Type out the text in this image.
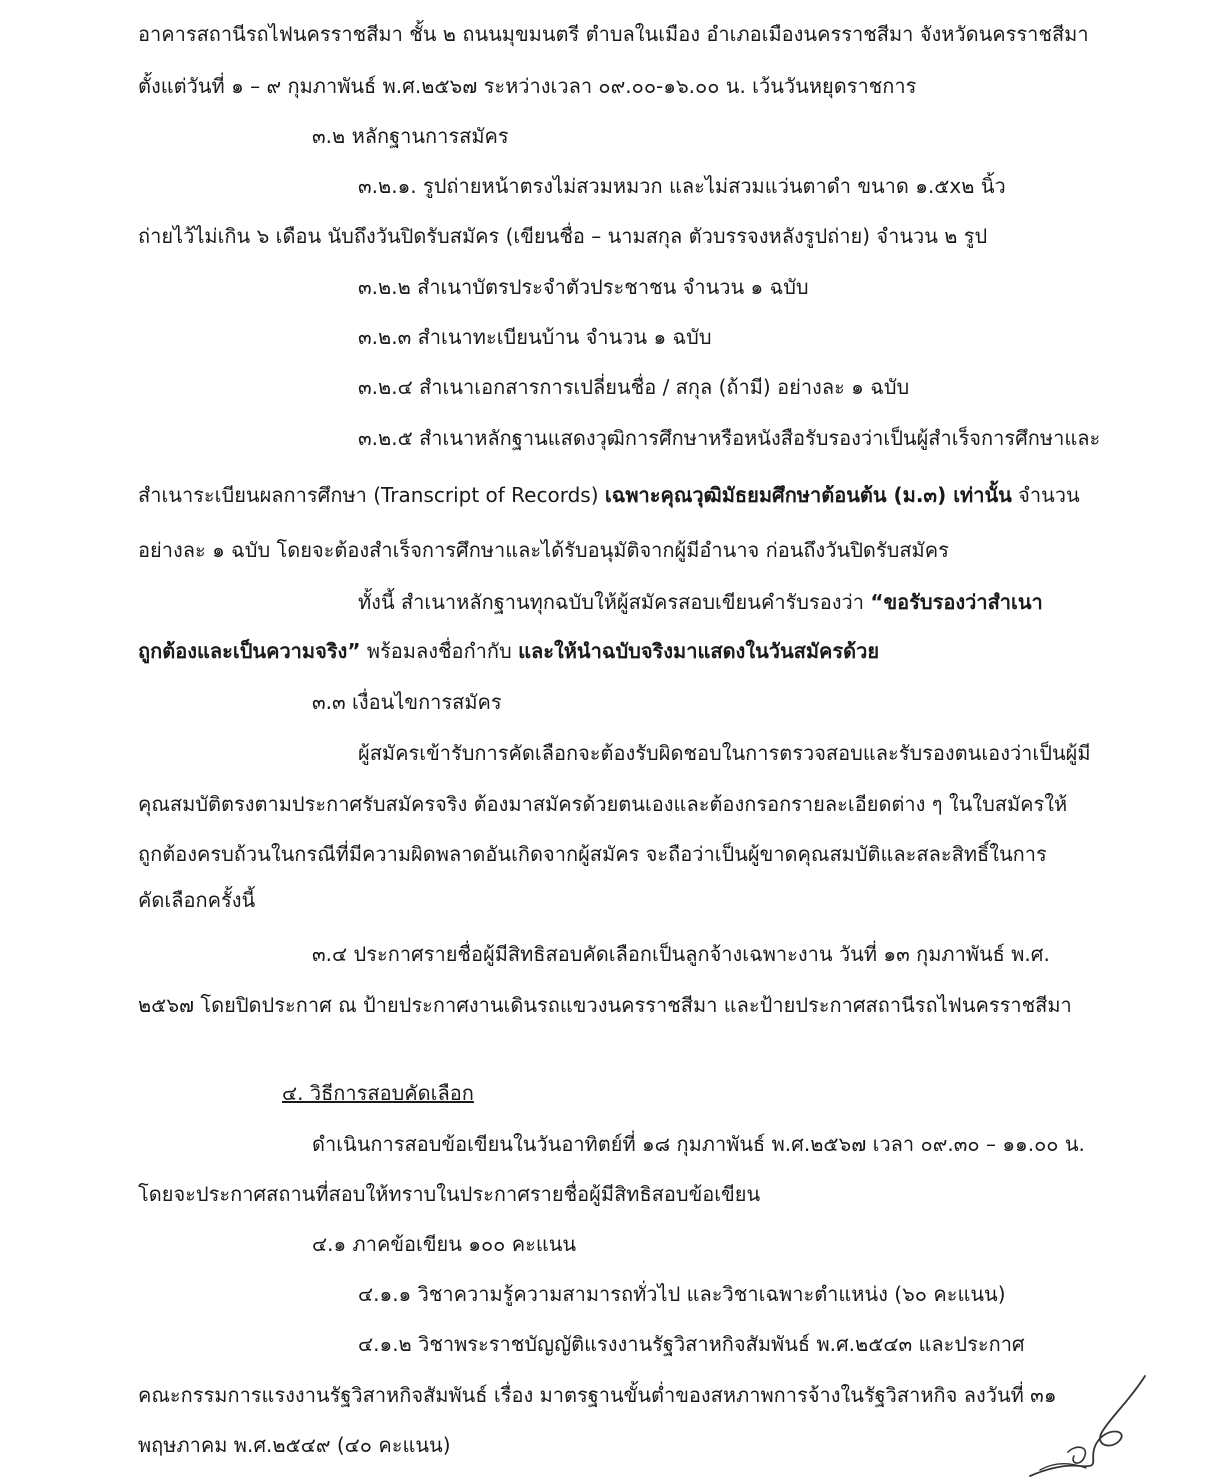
อาคารสถานีรถไฟนครราชสีมา ชั้น ๒ ถนนมุขมนตรี ตำบลในเมือง อำเภอเมืองนครราชสีมา จังหวัดนครราชสีมา
ตั้งแต่วันที่ ๑ – ๙ กุมภาพันธ์ พ.ศ.๒๕๖๗ ระหว่างเวลา ๐๙.๐๐-๑๖.๐๐ น. เว้นวันหยุดราชการ
๓.๒ หลักฐานการสมัคร
๓.๒.๑. รูปถ่ายหน้าตรงไม่สวมหมวก และไม่สวมแว่นตาดำ ขนาด ๑.๕x๒ นิ้ว
ถ่ายไว้ไม่เกิน ๖ เดือน นับถึงวันปิดรับสมัคร (เขียนชื่อ – นามสกุล ตัวบรรจงหลังรูปถ่าย) จำนวน ๒ รูป
๓.๒.๒ สำเนาบัตรประจำตัวประชาชน จำนวน ๑ ฉบับ
๓.๒.๓ สำเนาทะเบียนบ้าน จำนวน ๑ ฉบับ
๓.๒.๔ สำเนาเอกสารการเปลี่ยนชื่อ / สกุล (ถ้ามี) อย่างละ ๑ ฉบับ
๓.๒.๕ สำเนาหลักฐานแสดงวุฒิการศึกษาหรือหนังสือรับรองว่าเป็นผู้สำเร็จการศึกษาและ
สำเนาระเบียนผลการศึกษา (Transcript of Records) เฉพาะคุณวุฒิมัธยมศึกษาต้อนต้น (ม.๓) เท่านั้น จำนวน
อย่างละ ๑ ฉบับ โดยจะต้องสำเร็จการศึกษาและได้รับอนุมัติจากผู้มีอำนาจ ก่อนถึงวันปิดรับสมัคร
ทั้งนี้ สำเนาหลักฐานทุกฉบับให้ผู้สมัครสอบเขียนคำรับรองว่า “ขอรับรองว่าสำเนา
ถูกต้องและเป็นความจริง” พร้อมลงชื่อกำกับ และให้นำฉบับจริงมาแสดงในวันสมัครด้วย
๓.๓ เงื่อนไขการสมัคร
ผู้สมัครเข้ารับการคัดเลือกจะต้องรับผิดชอบในการตรวจสอบและรับรองตนเองว่าเป็นผู้มี
คุณสมบัติตรงตามประกาศรับสมัครจริง ต้องมาสมัครด้วยตนเองและต้องกรอกรายละเอียดต่าง ๆ ในใบสมัครให้
ถูกต้องครบถ้วนในกรณีที่มีความผิดพลาดอันเกิดจากผู้สมัคร จะถือว่าเป็นผู้ขาดคุณสมบัติและสละสิทธิ์ในการ
คัดเลือกครั้งนี้
๓.๔ ประกาศรายชื่อผู้มีสิทธิสอบคัดเลือกเป็นลูกจ้างเฉพาะงาน วันที่ ๑๓ กุมภาพันธ์ พ.ศ.
๒๕๖๗ โดยปิดประกาศ ณ ป้ายประกาศงานเดินรถแขวงนครราชสีมา และป้ายประกาศสถานีรถไฟนครราชสีมา
๔. วิธีการสอบคัดเลือก
ดำเนินการสอบข้อเขียนในวันอาทิตย์ที่ ๑๘ กุมภาพันธ์ พ.ศ.๒๕๖๗ เวลา ๐๙.๓๐ – ๑๑.๐๐ น.
โดยจะประกาศสถานที่สอบให้ทราบในประกาศรายชื่อผู้มีสิทธิสอบข้อเขียน
๔.๑ ภาคข้อเขียน ๑๐๐ คะแนน
๔.๑.๑ วิชาความรู้ความสามารถทั่วไป และวิชาเฉพาะตำแหน่ง (๖๐ คะแนน)
๔.๑.๒ วิชาพระราชบัญญัติแรงงานรัฐวิสาหกิจสัมพันธ์ พ.ศ.๒๕๔๓ และประกาศ
คณะกรรมการแรงงานรัฐวิสาหกิจสัมพันธ์ เรื่อง มาตรฐานขั้นต่ำของสหภาพการจ้างในรัฐวิสาหกิจ ลงวันที่ ๓๑
พฤษภาคม พ.ศ.๒๕๔๙ (๔๐ คะแนน)
